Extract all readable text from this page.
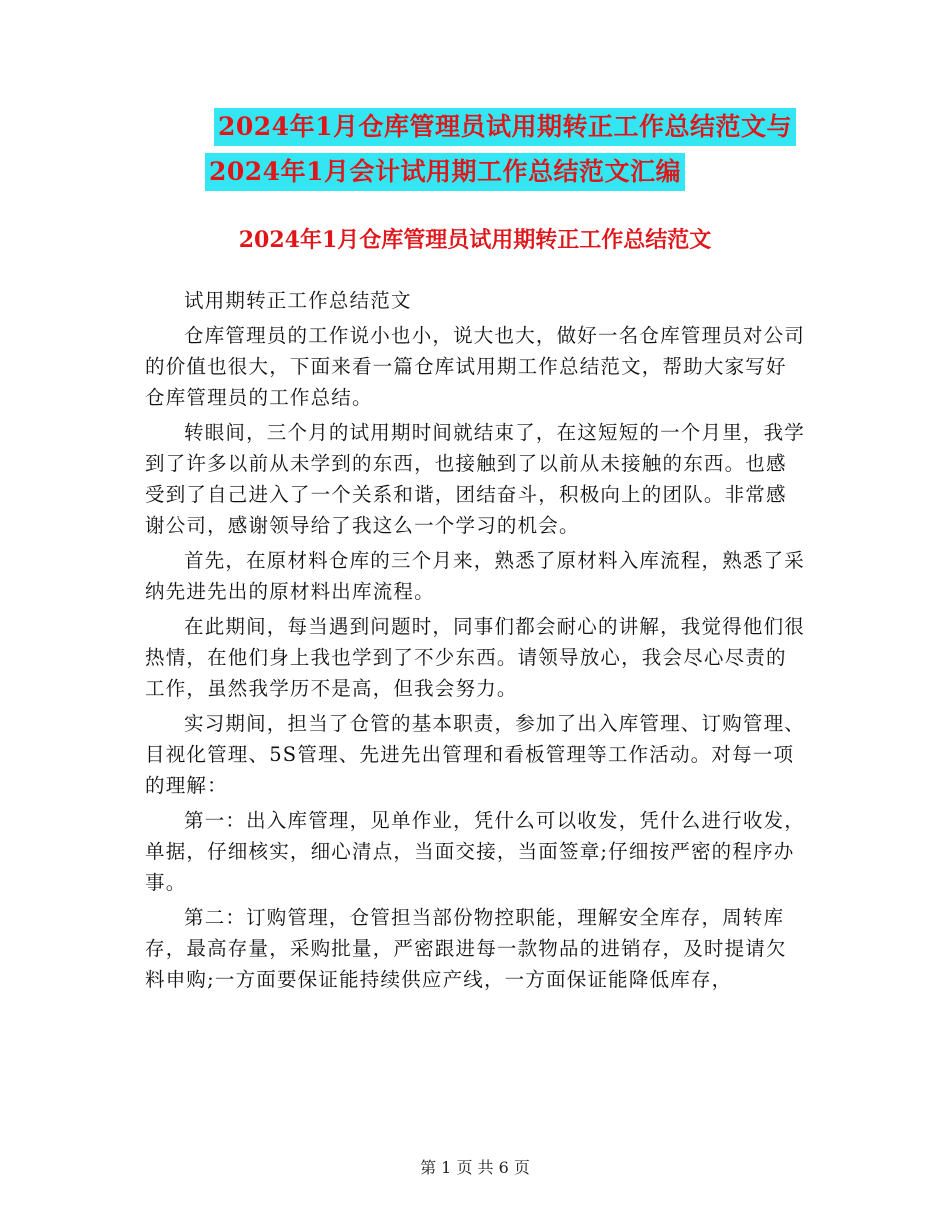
2024年1月仓库管理员试用期转正工作总结范文与
2024年1月会计试用期工作总结范文汇编
2024年1月仓库管理员试用期转正工作总结范文

试用期转正工作总结范文

仓库管理员的工作说小也小，说大也大，做好一名仓库管理员对公司的价值也很大，下面来看一篇仓库试用期工作总结范文，帮助大家写好仓库管理员的工作总结。

转眼间，三个月的试用期时间就结束了，在这短短的一个月里，我学到了许多以前从未学到的东西，也接触到了以前从未接触的东西。也感受到了自己进入了一个关系和谐，团结奋斗，积极向上的团队。非常感谢公司，感谢领导给了我这么一个学习的机会。

首先，在原材料仓库的三个月来，熟悉了原材料入库流程，熟悉了采纳先进先出的原材料出库流程。

在此期间，每当遇到问题时，同事们都会耐心的讲解，我觉得他们很热情，在他们身上我也学到了不少东西。请领导放心，我会尽心尽责的工作，虽然我学历不是高，但我会努力。

实习期间，担当了仓管的基本职责，参加了出入库管理、订购管理、目视化管理、5S管理、先进先出管理和看板管理等工作活动。对每一项的理解：

第一：出入库管理，见单作业，凭什么可以收发，凭什么进行收发，单据，仔细核实，细心清点，当面交接，当面签章;仔细按严密的程序办事。

第二：订购管理，仓管担当部份物控职能，理解安全库存，周转库存，最高存量，采购批量，严密跟进每一款物品的进销存，及时提请欠料申购;一方面要保证能持续供应产线，一方面保证能降低库存，

第 1 页 共 6 页
